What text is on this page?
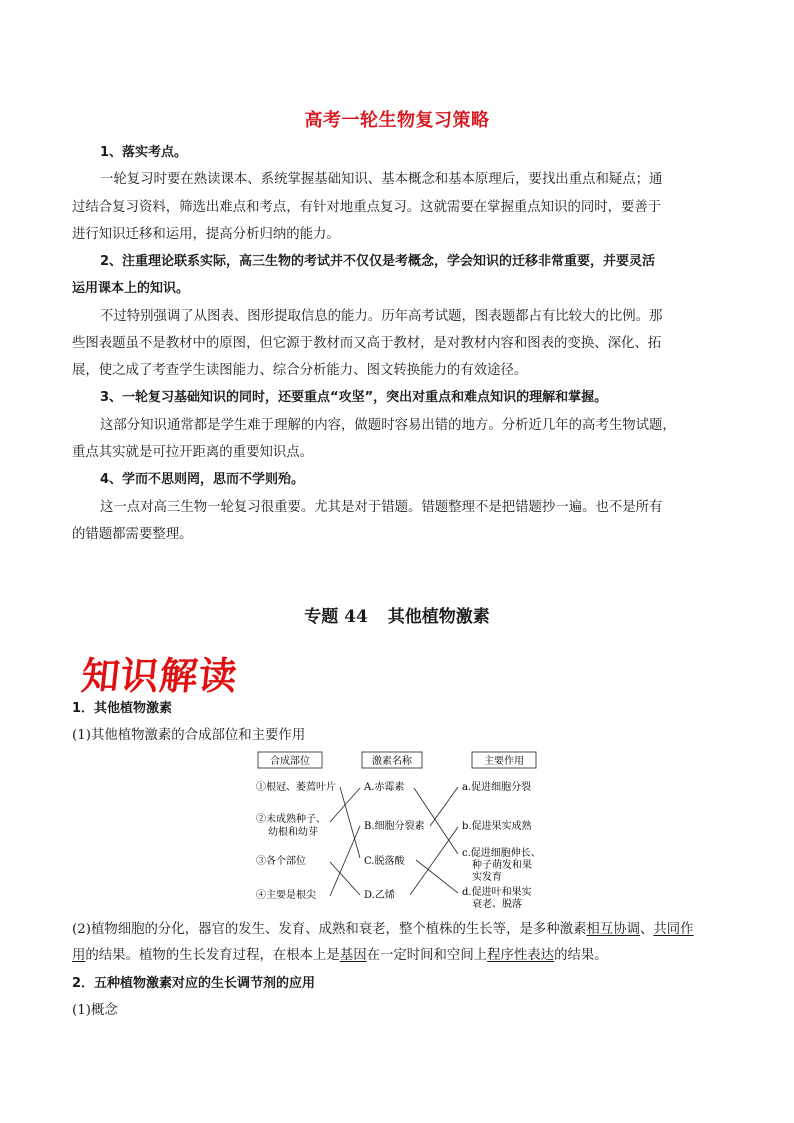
高考一轮生物复习策略
1、落实考点。
一轮复习时要在熟读课本、系统掌握基础知识、基本概念和基本原理后，要找出重点和疑点；通
过结合复习资料，筛选出难点和考点，有针对地重点复习。这就需要在掌握重点知识的同时，要善于
进行知识迁移和运用，提高分析归纳的能力。
2、注重理论联系实际，高三生物的考试并不仅仅是考概念，学会知识的迁移非常重要，并要灵活
运用课本上的知识。
不过特别强调了从图表、图形提取信息的能力。历年高考试题，图表题都占有比较大的比例。那
些图表题虽不是教材中的原图，但它源于教材而又高于教材，是对教材内容和图表的变换、深化、拓
展，使之成了考查学生读图能力、综合分析能力、图文转换能力的有效途径。
3、一轮复习基础知识的同时，还要重点“攻坚”，突出对重点和难点知识的理解和掌握。
这部分知识通常都是学生难于理解的内容，做题时容易出错的地方。分析近几年的高考生物试题，
重点其实就是可拉开距离的重要知识点。
4、学而不思则罔，思而不学则殆。
这一点对高三生物一轮复习很重要。尤其是对于错题。错题整理不是把错题抄一遍。也不是所有
的错题都需要整理。
专题 44 其他植物激素
知识解读
1．其他植物激素
(1)其他植物激素的合成部位和主要作用
合成部位	激素名称	主要作用
①根冠、萎蔫叶片
②未成熟种子、
幼根和幼芽
③各个部位
④主要是根尖
A.赤霉素
B.细胞分裂素
C.脱落酸
D.乙烯
a.促进细胞分裂
b.促进果实成熟
c.促进细胞伸长、
种子萌发和果
实发育
d.促进叶和果实
衰老、脱落
(2)植物细胞的分化，器官的发生、发育、成熟和衰老，整个植株的生长等，是多种激素相互协调、共同作
用的结果。植物的生长发育过程，在根本上是基因在一定时间和空间上程序性表达的结果。
2．五种植物激素对应的生长调节剂的应用
(1)概念
